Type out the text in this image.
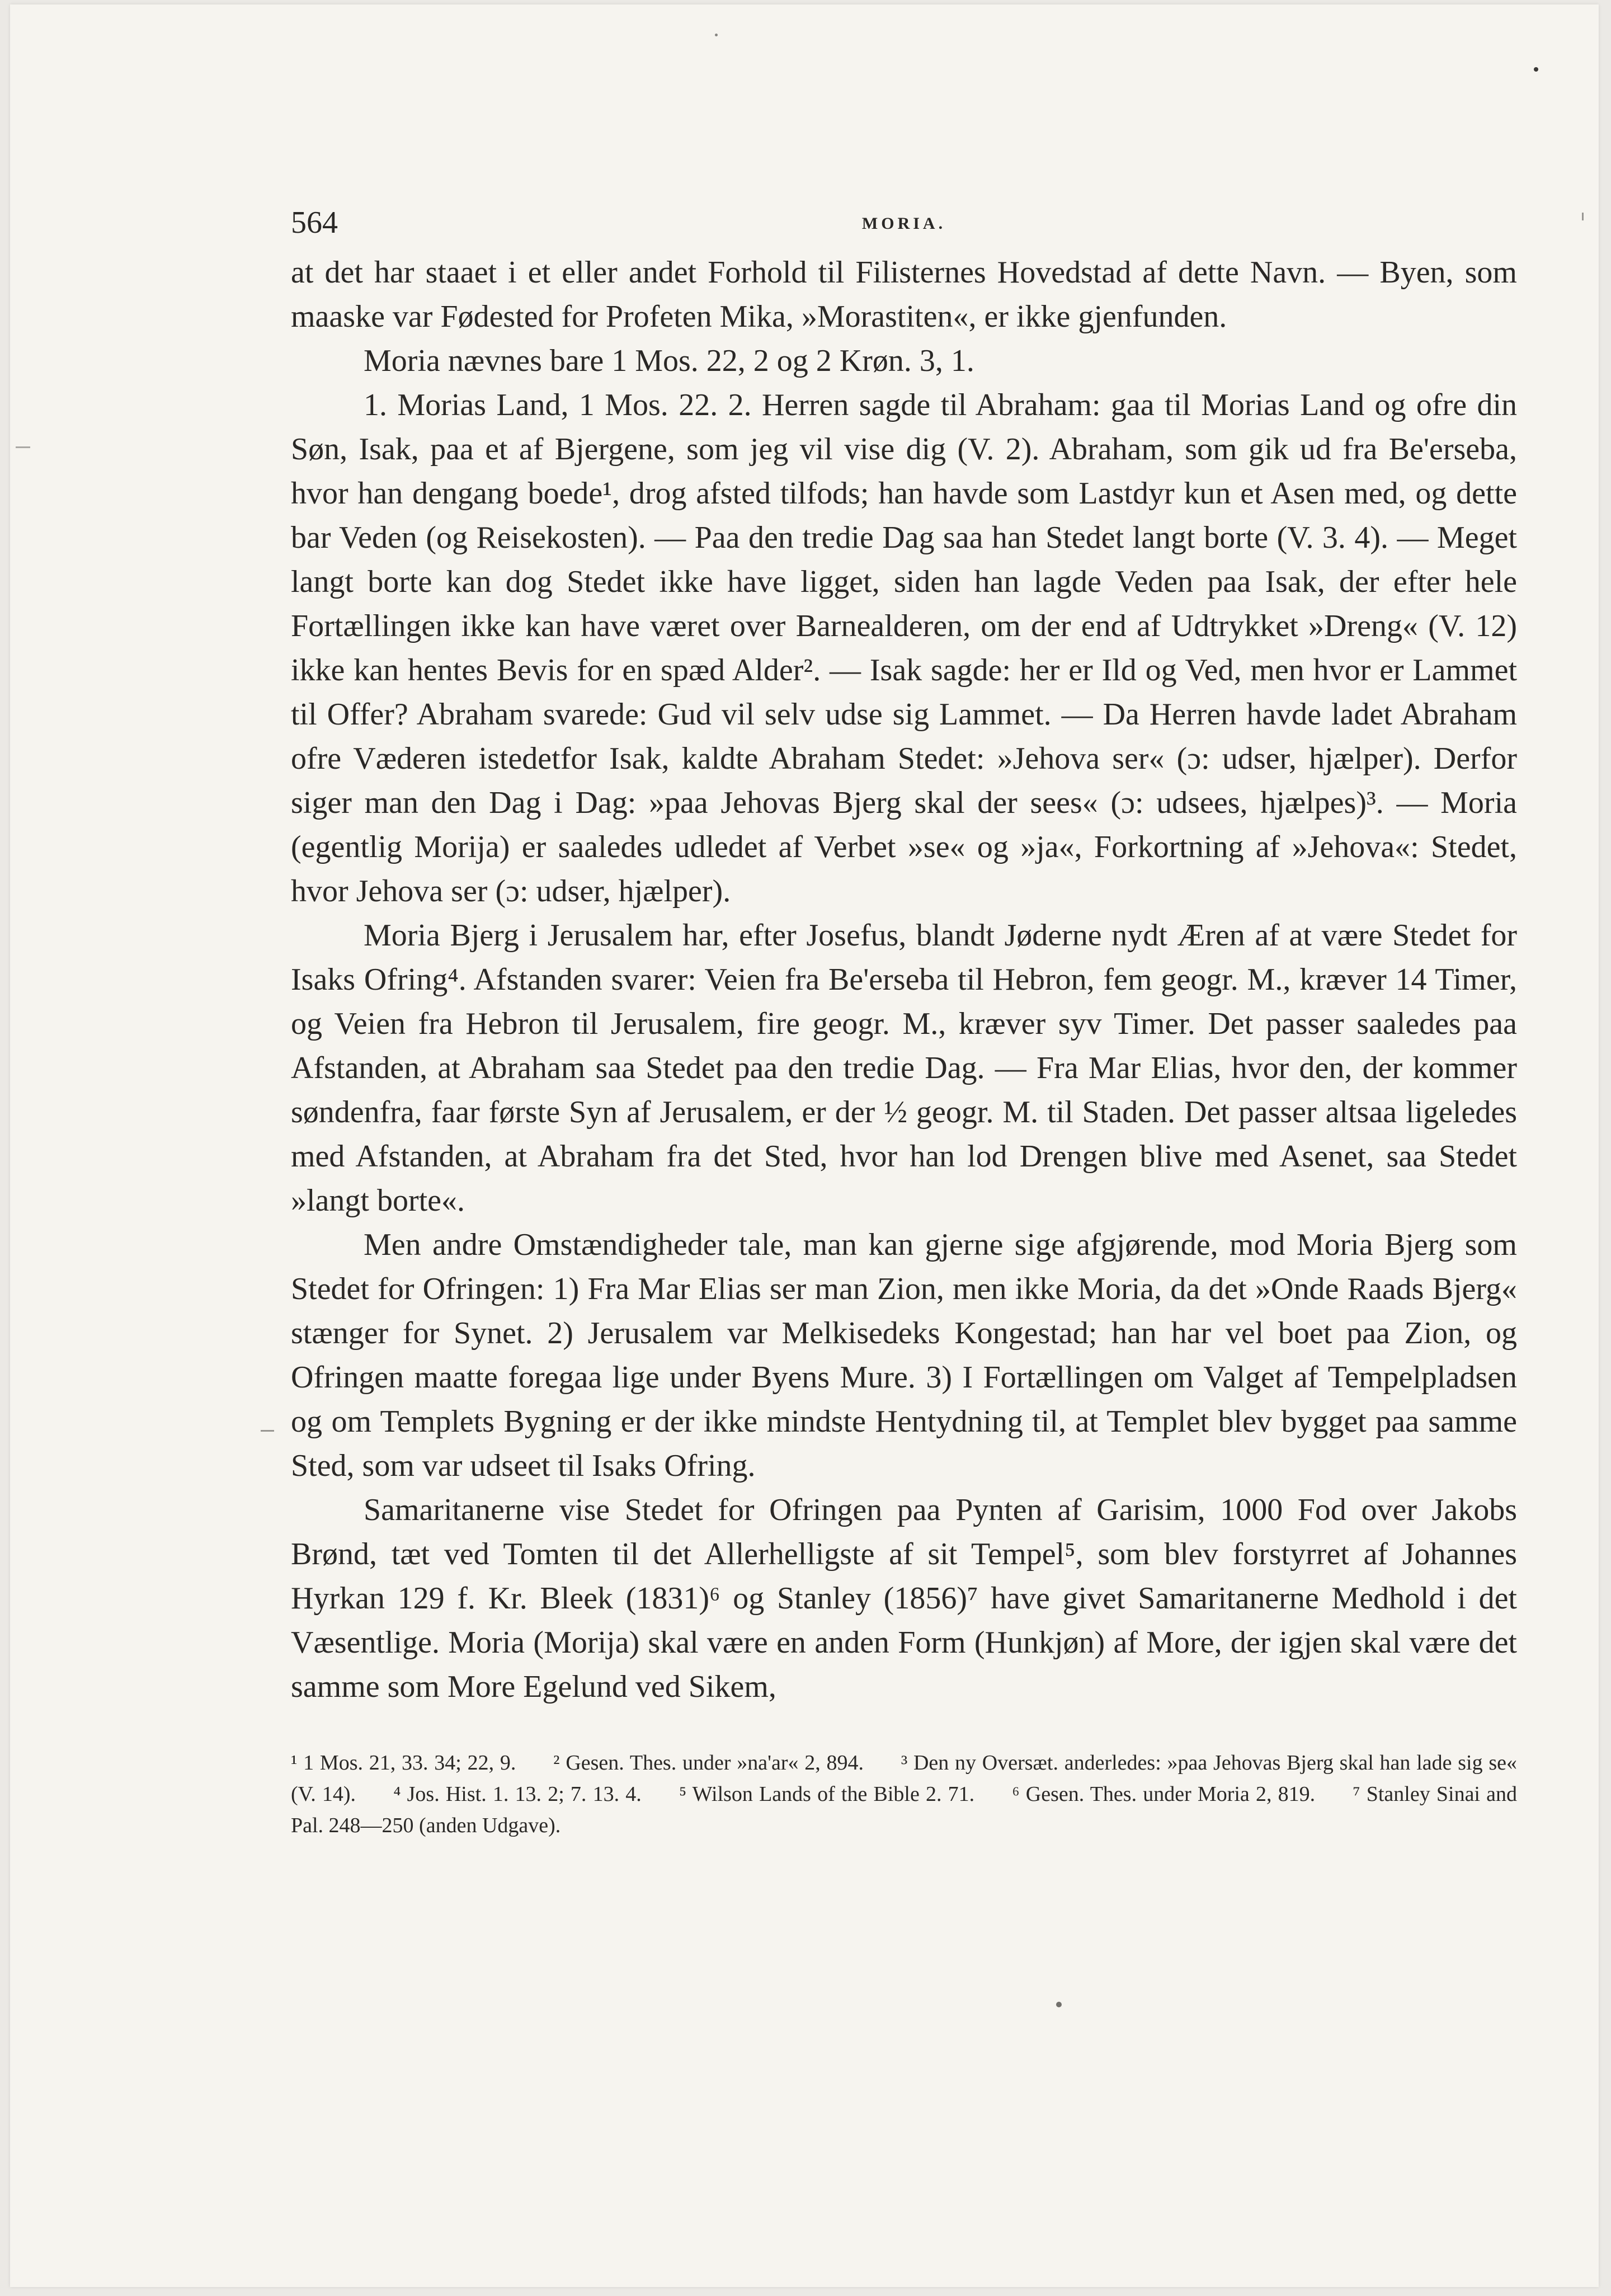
564	MORIA.

at det har staaet i et eller andet Forhold til Filisternes Hovedstad af dette Navn. — Byen, som maaske var Fødested for Profeten Mika, »Morastiten«, er ikke gjenfunden.

Moria nævnes bare 1 Mos. 22, 2 og 2 Krøn. 3, 1.

1. Morias Land, 1 Mos. 22. 2. Herren sagde til Abraham: gaa til Morias Land og ofre din Søn, Isak, paa et af Bjergene, som jeg vil vise dig (V. 2). Abraham, som gik ud fra Be'erseba, hvor han dengang boede¹, drog afsted tilfods; han havde som Lastdyr kun et Asen med, og dette bar Veden (og Reisekosten). — Paa den tredie Dag saa han Stedet langt borte (V. 3. 4). — Meget langt borte kan dog Stedet ikke have ligget, siden han lagde Veden paa Isak, der efter hele Fortællingen ikke kan have været over Barnealderen, om der end af Udtrykket »Dreng« (V. 12) ikke kan hentes Bevis for en spæd Alder². — Isak sagde: her er Ild og Ved, men hvor er Lammet til Offer? Abraham svarede: Gud vil selv udse sig Lammet. — Da Herren havde ladet Abraham ofre Væderen istedetfor Isak, kaldte Abraham Stedet: »Jehova ser« (ɔ: udser, hjælper). Derfor siger man den Dag i Dag: »paa Jehovas Bjerg skal der sees« (ɔ: udsees, hjælpes)³. — Moria (egentlig Morija) er saaledes udledet af Verbet »se« og »ja«, Forkortning af »Jehova«: Stedet, hvor Jehova ser (ɔ: udser, hjælper).

Moria Bjerg i Jerusalem har, efter Josefus, blandt Jøderne nydt Æren af at være Stedet for Isaks Ofring⁴. Afstanden svarer: Veien fra Be'erseba til Hebron, fem geogr. M., kræver 14 Timer, og Veien fra Hebron til Jerusalem, fire geogr. M., kræver syv Timer. Det passer saaledes paa Afstanden, at Abraham saa Stedet paa den tredie Dag. — Fra Mar Elias, hvor den, der kommer søndenfra, faar første Syn af Jerusalem, er der ½ geogr. M. til Staden. Det passer altsaa ligeledes med Afstanden, at Abraham fra det Sted, hvor han lod Drengen blive med Asenet, saa Stedet »langt borte«.

Men andre Omstændigheder tale, man kan gjerne sige afgjørende, mod Moria Bjerg som Stedet for Ofringen: 1) Fra Mar Elias ser man Zion, men ikke Moria, da det »Onde Raads Bjerg« stænger for Synet. 2) Jerusalem var Melkisedeks Kongestad; han har vel boet paa Zion, og Ofringen maatte foregaa lige under Byens Mure. 3) I Fortællingen om Valget af Tempelpladsen og om Templets Bygning er der ikke mindste Hentydning til, at Templet blev bygget paa samme Sted, som var udseet til Isaks Ofring.

Samaritanerne vise Stedet for Ofringen paa Pynten af Garisim, 1000 Fod over Jakobs Brønd, tæt ved Tomten til det Allerhelligste af sit Tempel⁵, som blev forstyrret af Johannes Hyrkan 129 f. Kr. Bleek (1831)⁶ og Stanley (1856)⁷ have givet Samaritanerne Medhold i det Væsentlige. Moria (Morija) skal være en anden Form (Hunkjøn) af More, der igjen skal være det samme som More Egelund ved Sikem,

¹ 1 Mos. 21, 33. 34; 22, 9. ² Gesen. Thes. under »na'ar« 2, 894. ³ Den ny Oversæt. anderledes: »paa Jehovas Bjerg skal han lade sig se« (V. 14). ⁴ Jos. Hist. 1. 13. 2; 7. 13. 4. ⁵ Wilson Lands of the Bible 2. 71. ⁶ Gesen. Thes. under Moria 2, 819. ⁷ Stanley Sinai and Pal. 248—250 (anden Udgave).
